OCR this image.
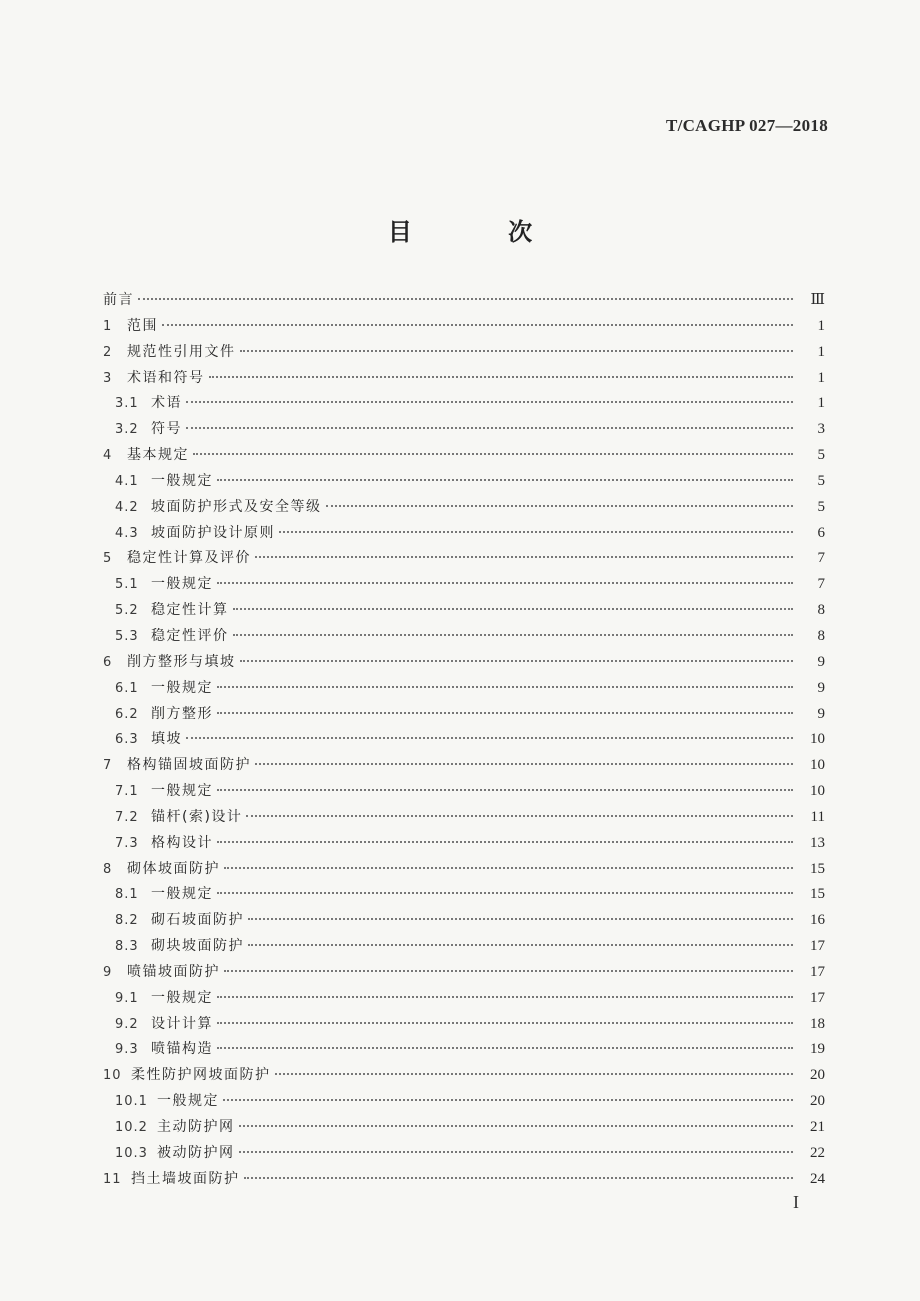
T/CAGHP 027—2018
目 次
前言	Ⅲ
1	范围	1
2	规范性引用文件	1
3	术语和符号	1
3.1 术语	1
3.2 符号	3
4	基本规定	5
4.1 一般规定	5
4.2 坡面防护形式及安全等级	5
4.3 坡面防护设计原则	6
5	稳定性计算及评价	7
5.1 一般规定	7
5.2 稳定性计算	8
5.3 稳定性评价	8
6	削方整形与填坡	9
6.1 一般规定	9
6.2 削方整形	9
6.3 填坡	10
7	格构锚固坡面防护	10
7.1 一般规定	10
7.2 锚杆(索)设计	11
7.3 格构设计	13
8	砌体坡面防护	15
8.1 一般规定	15
8.2 砌石坡面防护	16
8.3 砌块坡面防护	17
9	喷锚坡面防护	17
9.1 一般规定	17
9.2 设计计算	18
9.3 喷锚构造	19
10 柔性防护网坡面防护	20
10.1 一般规定	20
10.2 主动防护网	21
10.3 被动防护网	22
11 挡土墙坡面防护	24
I
